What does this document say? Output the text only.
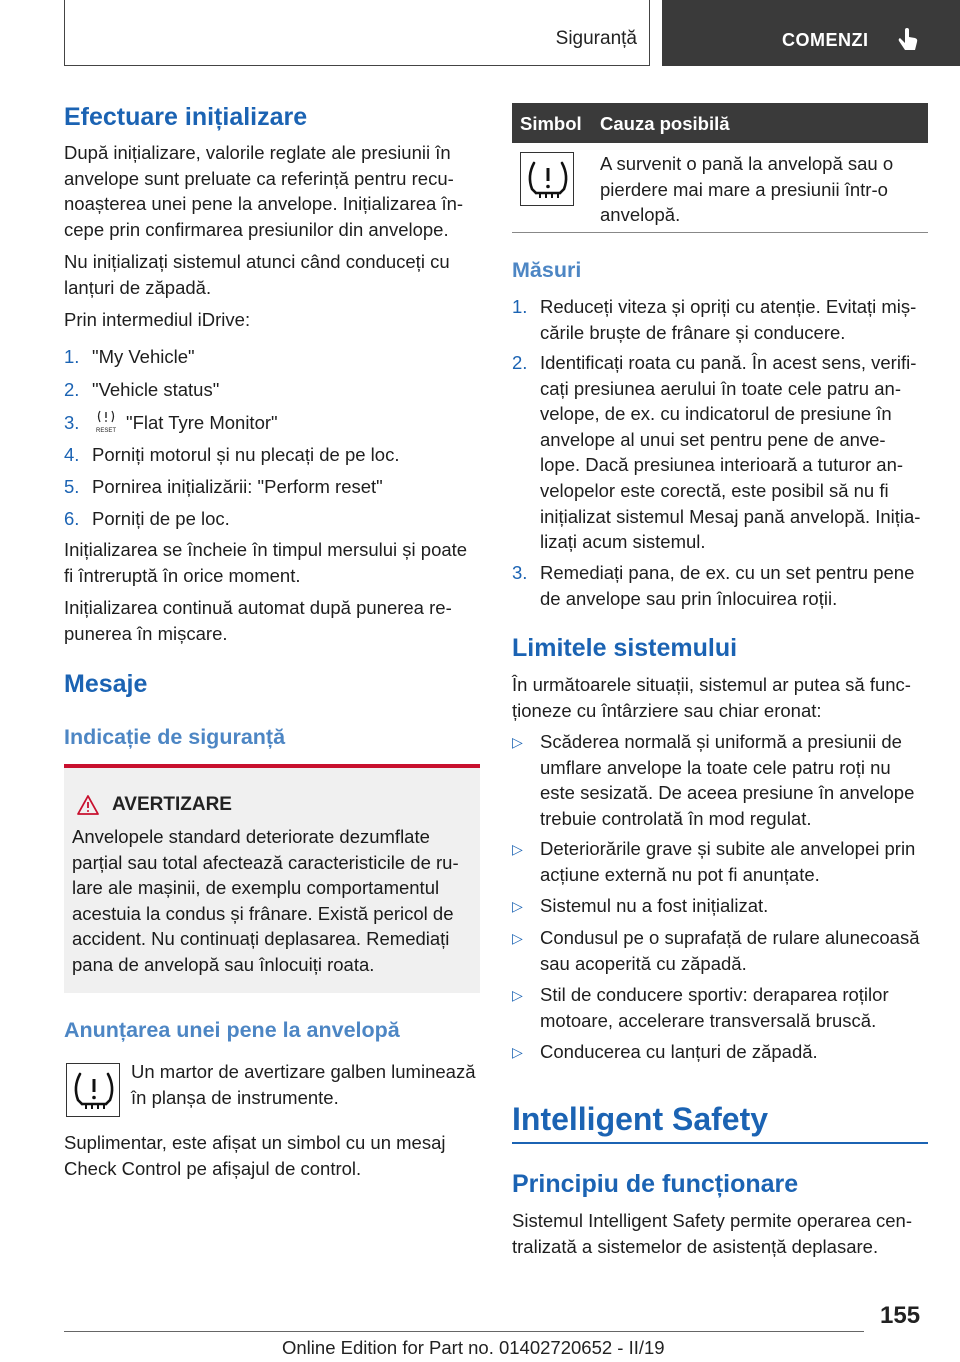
Siguranță	COMENZI
Efectuare inițializare

După inițializare, valorile reglate ale presiunii în
anvelope sunt preluate ca referință pentru recu-
noașterea unei pene la anvelope. Inițializarea în-
cepe prin confirmarea presiunilor din anvelope.

Nu inițializați sistemul atunci când conduceți cu
lanțuri de zăpadă.

Prin intermediul iDrive:

1. "My Vehicle"
2. "Vehicle status"
3.	RESET "Flat Tyre Monitor"
4. Porniți motorul și nu plecați de pe loc.
5. Pornirea inițializării: "Perform reset"
6. Porniți de pe loc.

Inițializarea se încheie în timpul mersului și poate
fi întreruptă în orice moment.

Inițializarea continuă automat după punerea re-
punerea în mișcare.

Mesaje
Indicație de siguranță
AVERTIZARE
Anvelopele standard deteriorate dezumflate
parțial sau total afectează caracteristicile de ru-
lare ale mașinii, de exemplu comportamentul
acestuia la condus și frânare. Există pericol de
accident. Nu continuați deplasarea. Remediați
pana de anvelopă sau înlocuiți roata.
Anunțarea unei pene la anvelopă

Un martor de avertizare galben luminează
în planșa de instrumente.

Suplimentar, este afișat un simbol cu un mesaj
Check Control pe afișajul de control.

Simbol Cauza posibilă

A survenit o pană la anvelopă sau o
pierdere mai mare a presiunii într-o
anvelopă.

Măsuri
1. Reduceți viteza și opriți cu atenție. Evitați miș-
cările bruște de frânare și conducere.
2. Identificați roata cu pană. În acest sens, verifi-
cați presiunea aerului în toate cele patru an-
velope, de ex. cu indicatorul de presiune în
anvelope al unui set pentru pene de anve-
lope. Dacă presiunea interioară a tuturor an-
velopelor este corectă, este posibil să nu fi
inițializat sistemul Mesaj pană anvelopă. Iniția-
lizați acum sistemul.
3. Remediați pana, de ex. cu un set pentru pene
de anvelope sau prin înlocuirea roții.
Limitele sistemului

În următoarele situații, sistemul ar putea să func-
ționeze cu întârziere sau chiar eronat:

▷ Scăderea normală și uniformă a presiunii de
umflare anvelope la toate cele patru roți nu
este sesizată. De aceea presiune în anvelope
trebuie controlată în mod regulat.
▷ Deteriorările grave și subite ale anvelopei prin
acțiune externă nu pot fi anunțate.
▷ Sistemul nu a fost inițializat.
▷ Condusul pe o suprafață de rulare alunecoasă
sau acoperită cu zăpadă.
▷ Stil de conducere sportiv: deraparea roților
motoare, accelerare transversală bruscă.
▷ Conducerea cu lanțuri de zăpadă.
Intelligent Safety
Principiu de funcționare

Sistemul Intelligent Safety permite operarea cen-
tralizată a sistemelor de asistență deplasare.

155
Online Edition for Part no. 01402720652 - II/19
